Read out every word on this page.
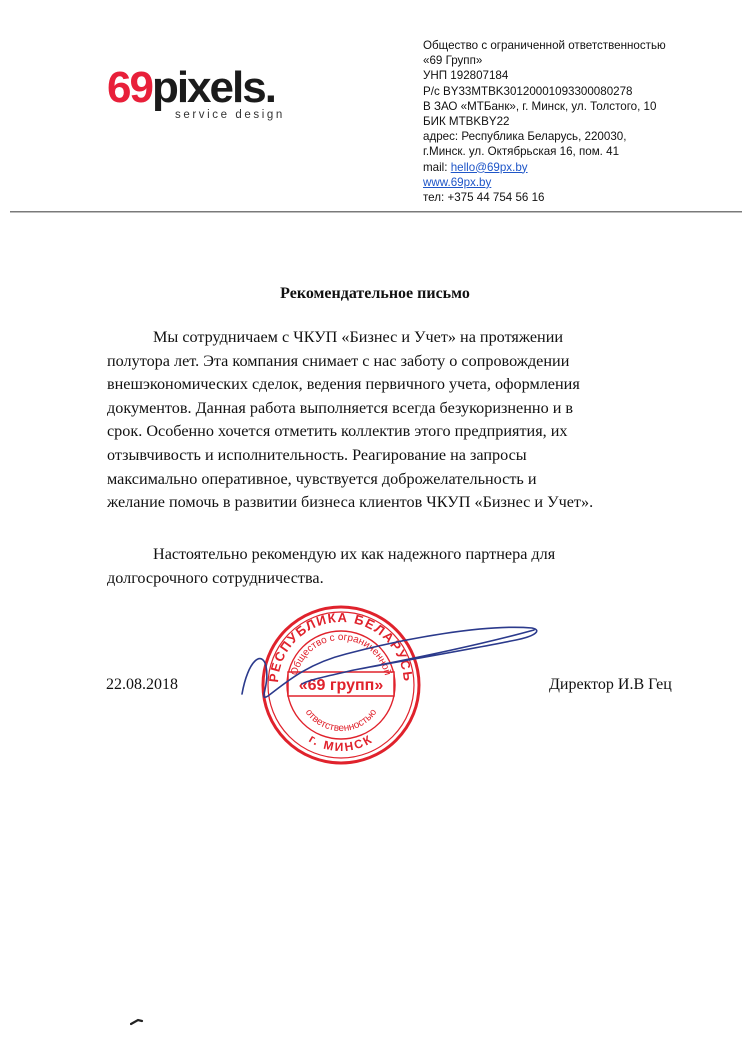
69pixels.
service design
Общество с ограниченной ответственностью
«69 Групп»
УНП 192807184
Р/с BY33MTBK30120001093300080278
В ЗАО «МТБанк», г. Минск, ул. Толстого, 10
БИК MTBKBY22
адрес: Республика Беларусь, 220030,
г.Минск. ул. Октябрьская 16, пом. 41
mail: hello@69px.by
www.69px.by
тел: +375 44 754 56 16
Рекомендательное письмо

Мы сотрудничаем с ЧКУП «Бизнес и Учет» на протяжении
полутора лет. Эта компания снимает с нас заботу о сопровождении
внешэкономических сделок, ведения первичного учета, оформления
документов. Данная работа выполняется всегда безукоризненно и в
срок. Особенно хочется отметить коллектив этого предприятия, их
отзывчивость и исполнительность. Реагирование на запросы
максимально оперативное, чувствуется доброжелательность и
желание помочь в развитии бизнеса клиентов ЧКУП «Бизнес и Учет».

Настоятельно рекомендую их как надежного партнера для
долгосрочного сотрудничества.

РЕСПУБЛИКА БЕЛАРУСЬ
Общество с ограниченной
«69 групп»
ответственностью
г. МИНСК
22.08.2018	Директор И.В Гец
